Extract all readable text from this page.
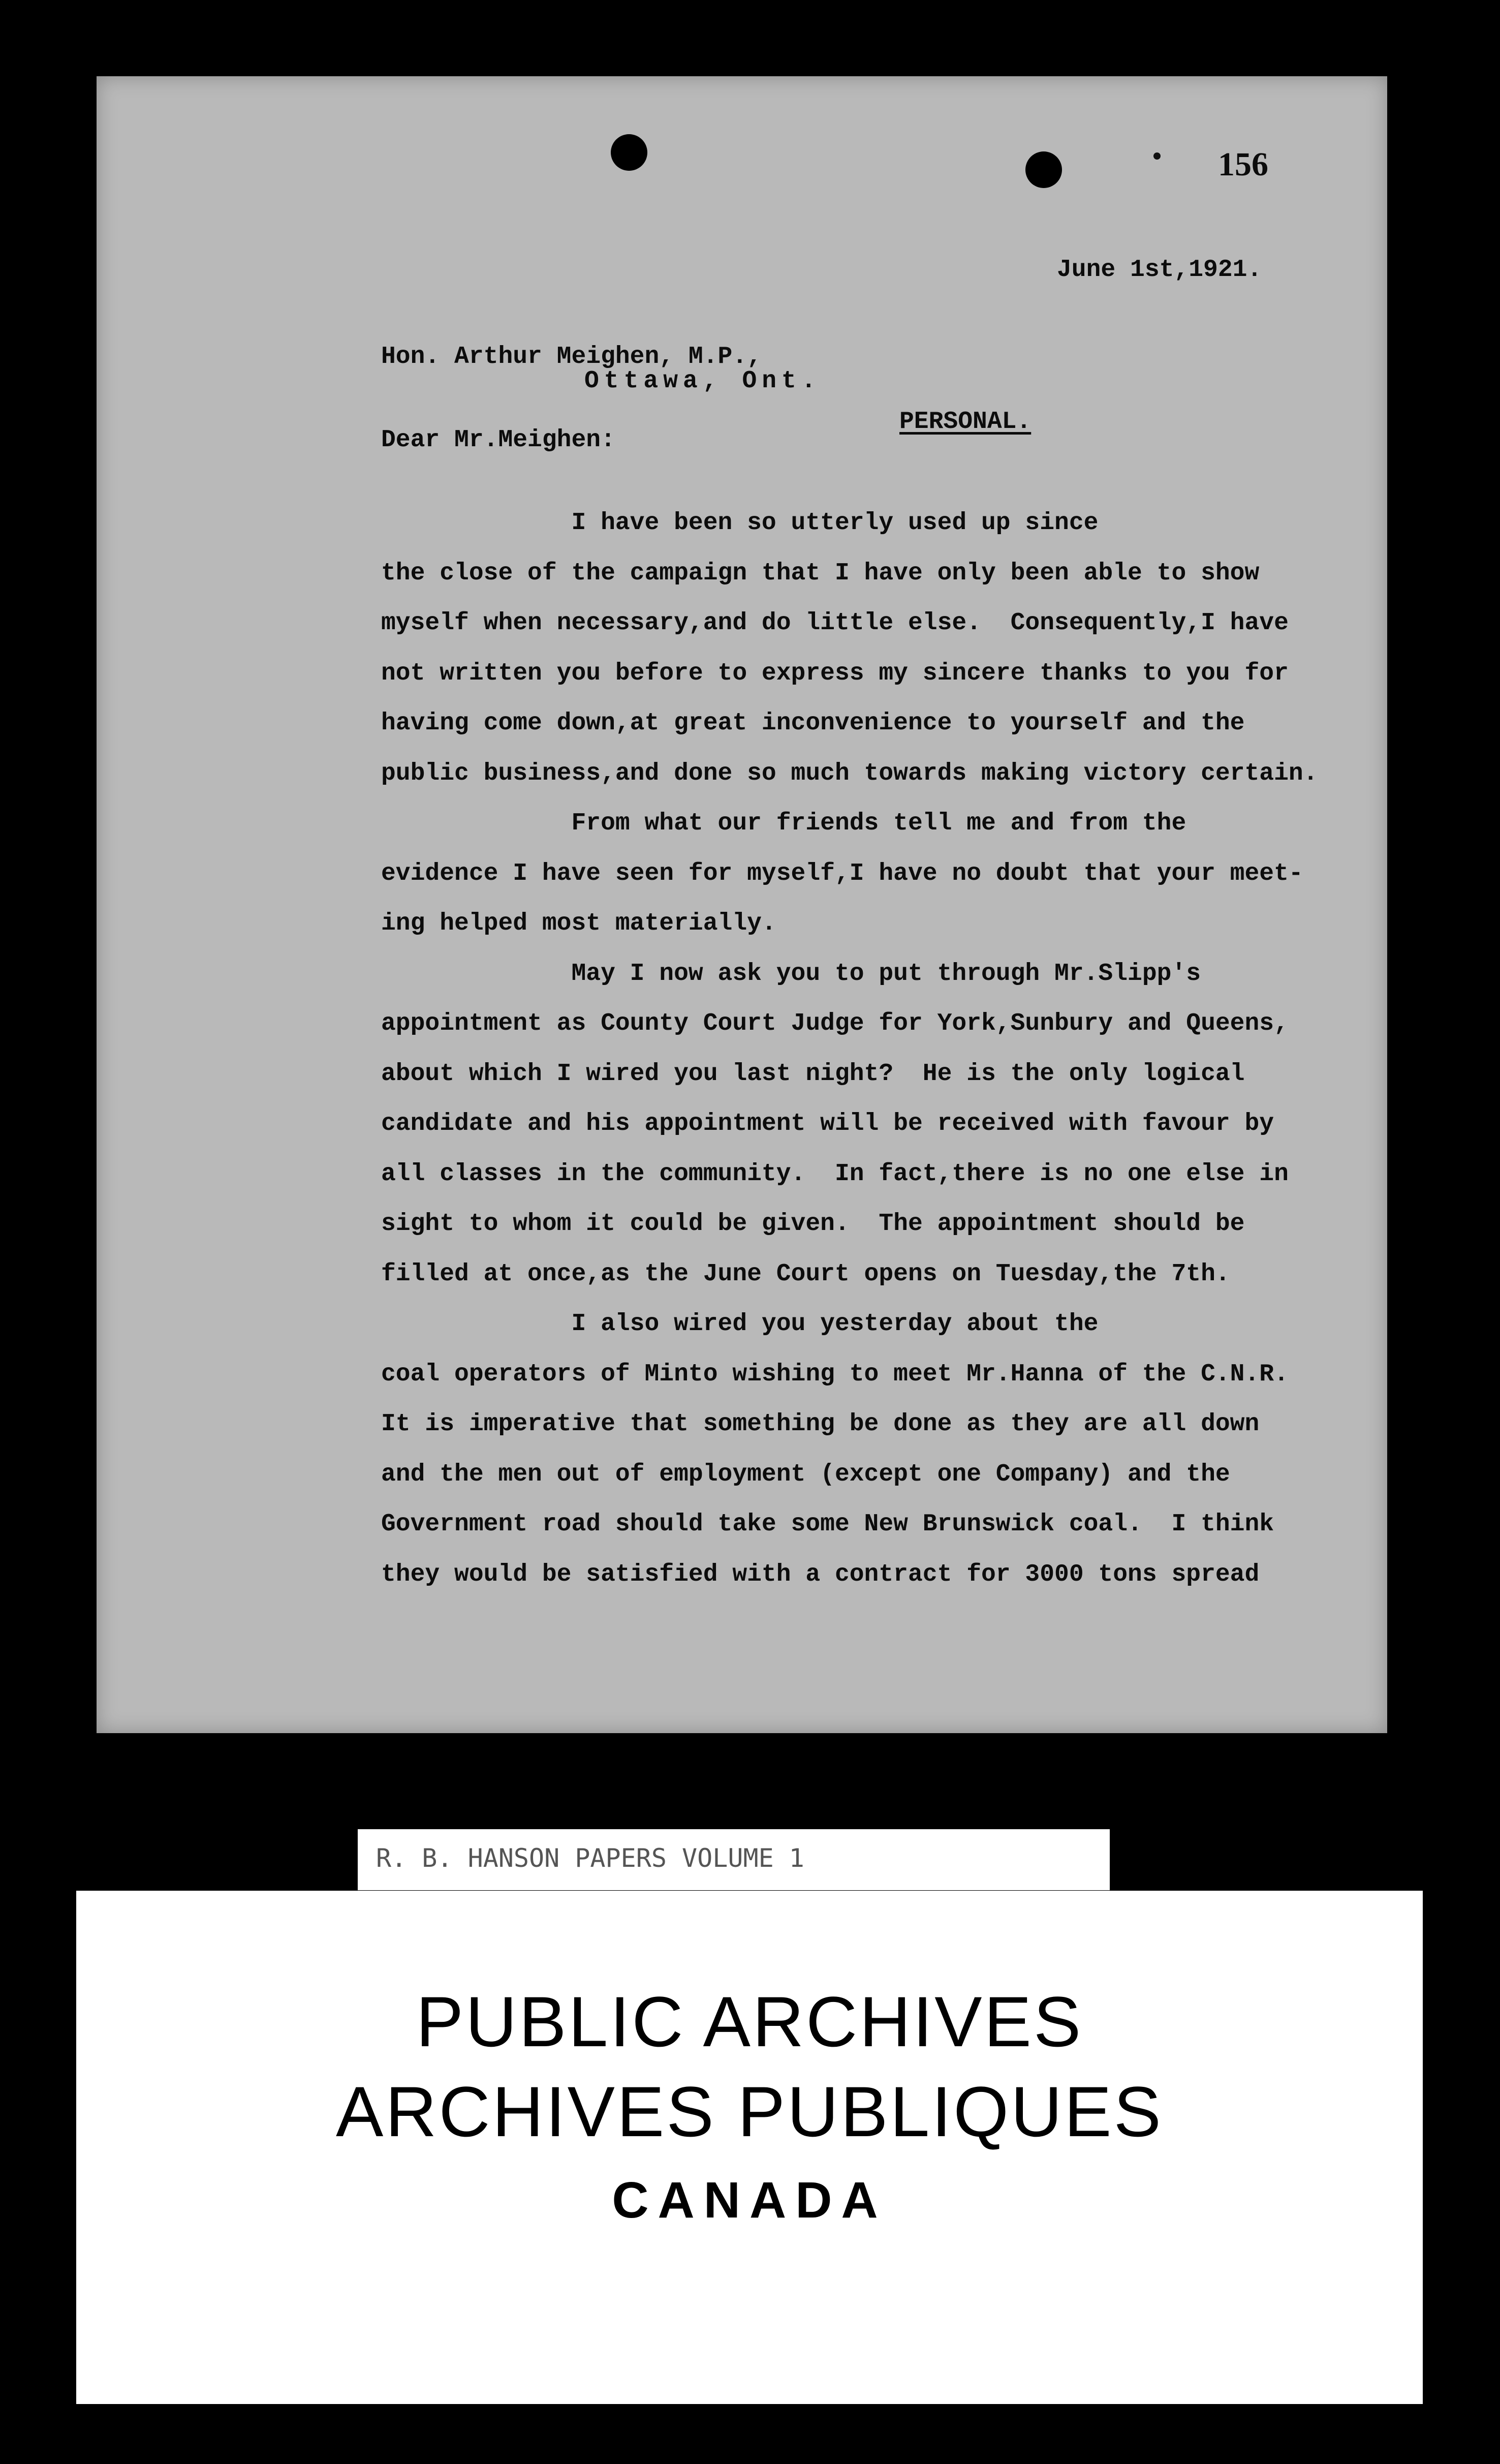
156
June 1st,1921.
Hon. Arthur Meighen, M.P.,
Ottawa, Ont.
PERSONAL.
Dear Mr.Meighen:
I have been so utterly used up since
the close of the campaign that I have only been able to show
myself when necessary,and do little else.  Consequently,I have
not written you before to express my sincere thanks to you for
having come down,at great inconvenience to yourself and the
public business,and done so much towards making victory certain.
From what our friends tell me and from the
evidence I have seen for myself,I have no doubt that your meet-
ing helped most materially.
May I now ask you to put through Mr.Slipp's
appointment as County Court Judge for York,Sunbury and Queens,
about which I wired you last night?  He is the only logical
candidate and his appointment will be received with favour by
all classes in the community.  In fact,there is no one else in
sight to whom it could be given.  The appointment should be
filled at once,as the June Court opens on Tuesday,the 7th.
I also wired you yesterday about the
coal operators of Minto wishing to meet Mr.Hanna of the C.N.R.
It is imperative that something be done as they are all down
and the men out of employment (except one Company) and the
Government road should take some New Brunswick coal.  I think
they would be satisfied with a contract for 3000 tons spread
R. B. HANSON PAPERS VOLUME 1
PUBLIC ARCHIVES
ARCHIVES PUBLIQUES
CANADA
